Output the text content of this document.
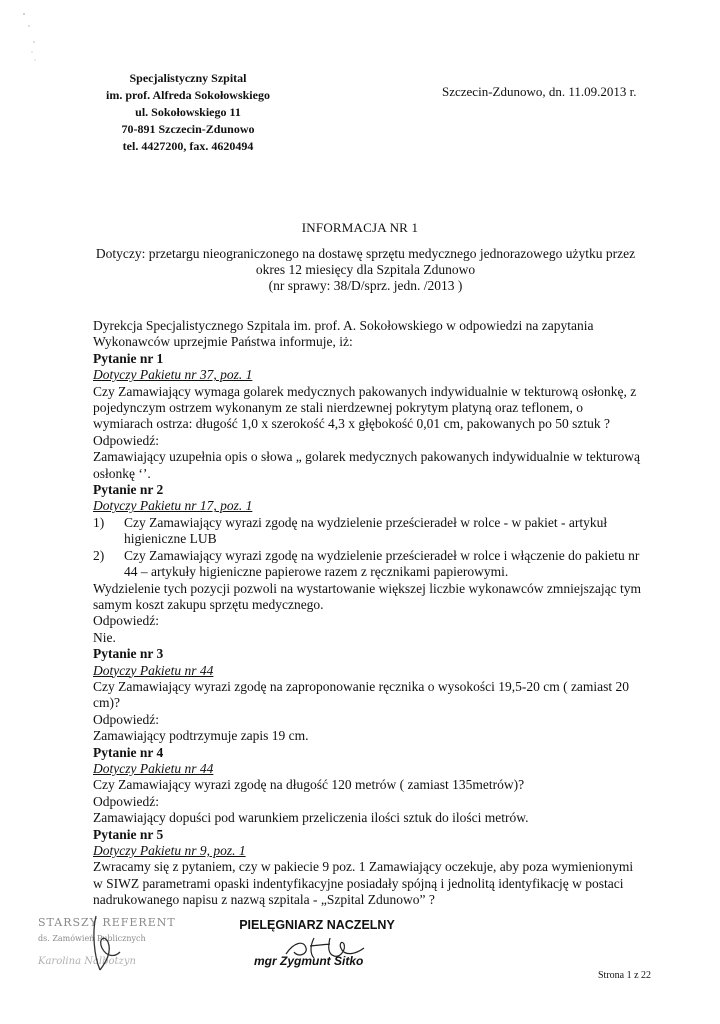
Specjalistyczny Szpital
im. prof. Alfreda Sokołowskiego
ul. Sokołowskiego 11
70-891 Szczecin-Zdunowo
tel. 4427200, fax. 4620494
Szczecin-Zdunowo, dn. 11.09.2013 r.
INFORMACJA NR 1
Dotyczy: przetargu nieograniczonego na dostawę sprzętu medycznego jednorazowego użytku przez
okres 12 miesięcy dla Szpitala Zdunowo
(nr sprawy: 38/D/sprz. jedn. /2013 )

Dyrekcja Specjalistycznego Szpitala im. prof. A. Sokołowskiego w odpowiedzi na zapytania Wykonawców uprzejmie Państwa informuje, iż:

Pytanie nr 1

Dotyczy Pakietu nr 37, poz. 1

Czy Zamawiający wymaga golarek medycznych pakowanych indywidualnie w tekturową osłonkę, z pojedynczym ostrzem wykonanym ze stali nierdzewnej pokrytym platyną oraz teflonem, o wymiarach ostrza: długość 1,0 x szerokość 4,3 x głębokość 0,01 cm, pakowanych po 50 sztuk ?

Odpowiedź:

Zamawiający uzupełnia opis o słowa „ golarek medycznych pakowanych indywidualnie w tekturową osłonkę ‘’.

Pytanie nr 2

Dotyczy Pakietu nr 17, poz. 1

1) Czy Zamawiający wyrazi zgodę na wydzielenie prześcieradeł w rolce - w pakiet - artykuł higieniczne LUB
2) Czy Zamawiający wyrazi zgodę na wydzielenie prześcieradeł w rolce i włączenie do pakietu nr 44 – artykuły higieniczne papierowe razem z ręcznikami papierowymi.

Wydzielenie tych pozycji pozwoli na wystartowanie większej liczbie wykonawców zmniejszając tym samym koszt zakupu sprzętu medycznego.

Odpowiedź:

Nie.

Pytanie nr 3

Dotyczy Pakietu nr 44

Czy Zamawiający wyrazi zgodę na zaproponowanie ręcznika o wysokości 19,5-20 cm ( zamiast 20 cm)?

Odpowiedź:

Zamawiający podtrzymuje zapis 19 cm.

Pytanie nr 4

Dotyczy Pakietu nr 44

Czy Zamawiający wyrazi zgodę na długość 120 metrów ( zamiast 135metrów)?

Odpowiedź:

Zamawiający dopuści pod warunkiem przeliczenia ilości sztuk do ilości metrów.

Pytanie nr 5

Dotyczy Pakietu nr 9, poz. 1

Zwracamy się z pytaniem, czy w pakiecie 9 poz. 1 Zamawiający oczekuje, aby poza wymienionymi w SIWZ parametrami opaski indentyfikacyjne posiadały spójną i jednolitą identyfikację w postaci nadrukowanego napisu z nazwą szpitala - „Szpital Zdunowo” ?

STARSZY REFERENT
ds. Zamówień Publicznych
Karolina Nalbotzyn
PIELĘGNIARZ NACZELNY
mgr Zygmunt Sitko
Strona 1 z 22
